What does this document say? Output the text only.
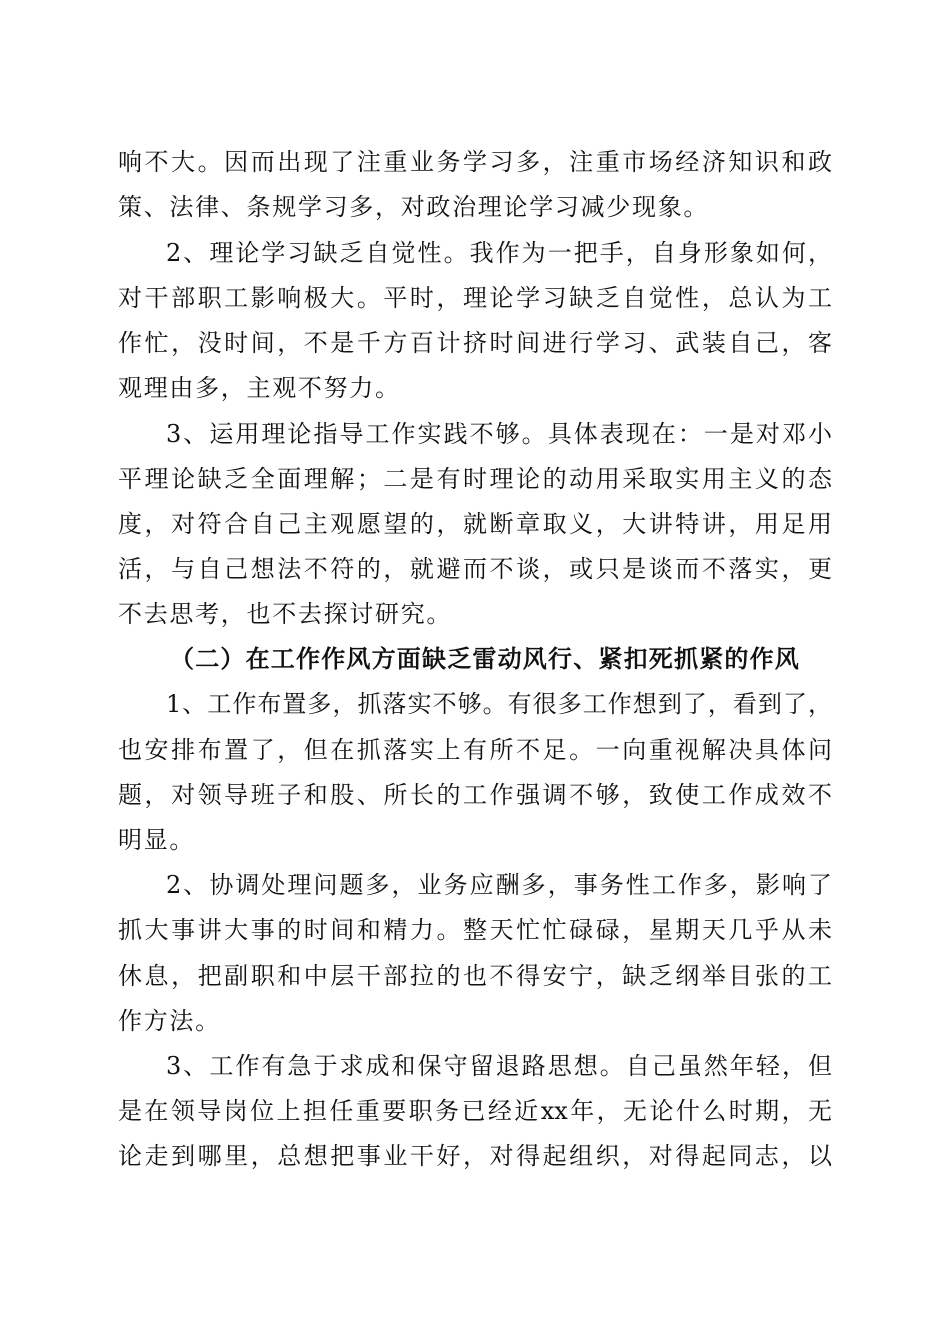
响不大。因而出现了注重业务学习多，注重市场经济知识和政

策、法律、条规学习多，对政治理论学习减少现象。

2、理论学习缺乏自觉性。我作为一把手，自身形象如何，

对干部职工影响极大。平时，理论学习缺乏自觉性，总认为工

作忙，没时间，不是千方百计挤时间进行学习、武装自己，客

观理由多，主观不努力。

3、运用理论指导工作实践不够。具体表现在：一是对邓小

平理论缺乏全面理解；二是有时理论的动用采取实用主义的态

度，对符合自己主观愿望的，就断章取义，大讲特讲，用足用

活，与自己想法不符的，就避而不谈，或只是谈而不落实，更

不去思考，也不去探讨研究。

（二）在工作作风方面缺乏雷动风行、紧扣死抓紧的作风

1、工作布置多，抓落实不够。有很多工作想到了，看到了，

也安排布置了，但在抓落实上有所不足。一向重视解决具体问

题，对领导班子和股、所长的工作强调不够，致使工作成效不

明显。

2、协调处理问题多，业务应酬多，事务性工作多，影响了

抓大事讲大事的时间和精力。整天忙忙碌碌，星期天几乎从未

休息，把副职和中层干部拉的也不得安宁，缺乏纲举目张的工

作方法。

3、工作有急于求成和保守留退路思想。自己虽然年轻，但

是在领导岗位上担任重要职务已经近xx年，无论什么时期，无

论走到哪里，总想把事业干好，对得起组织，对得起同志，以
